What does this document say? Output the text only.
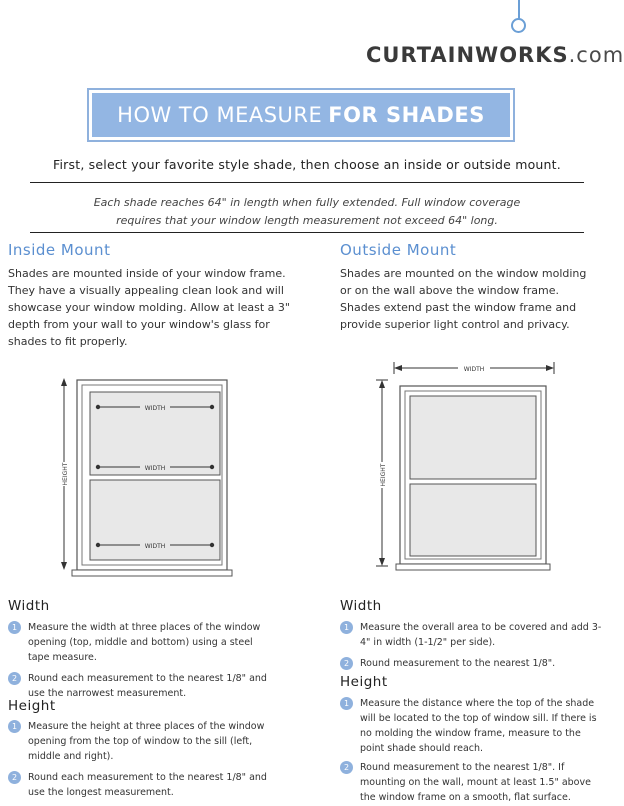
CURTAINWORKS.com
HOW TO MEASURE FOR SHADES
First, select your favorite style shade, then choose an inside or outside mount.
Each shade reaches 64" in length when fully extended. Full window coverage
requires that your window length measurement not exceed 64" long.
Inside Mount
Shades are mounted inside of your window frame. They have a visually appealing clean look and will showcase your window molding. Allow at least a 3" depth from your wall to your window's glass for shades to fit properly.
Outside Mount
Shades are mounted on the window molding or on the wall above the window frame. Shades extend past the window frame and provide superior light control and privacy.
HEIGHT
WIDTH
WIDTH
WIDTH
WIDTH
HEIGHT
Width
1	Measure the width at three places of the window opening (top, middle and bottom) using a steel tape measure.
2	Round each measurement to the nearest 1/8" and use the narrowest measurement.
Height
1	Measure the height at three places of the window opening from the top of window to the sill (left, middle and right).
2	Round each measurement to the nearest 1/8" and use the longest measurement.
Width
1	Measure the overall area to be covered and add 3-4" in width (1-1/2" per side).
2	Round measurement to the nearest 1/8".
Height
1	Measure the distance where the top of the shade will be located to the top of window sill. If there is no molding the window frame, measure to the point shade should reach.
2	Round measurement to the nearest 1/8". If mounting on the wall, mount at least 1.5" above the window frame on a smooth, flat surface.
